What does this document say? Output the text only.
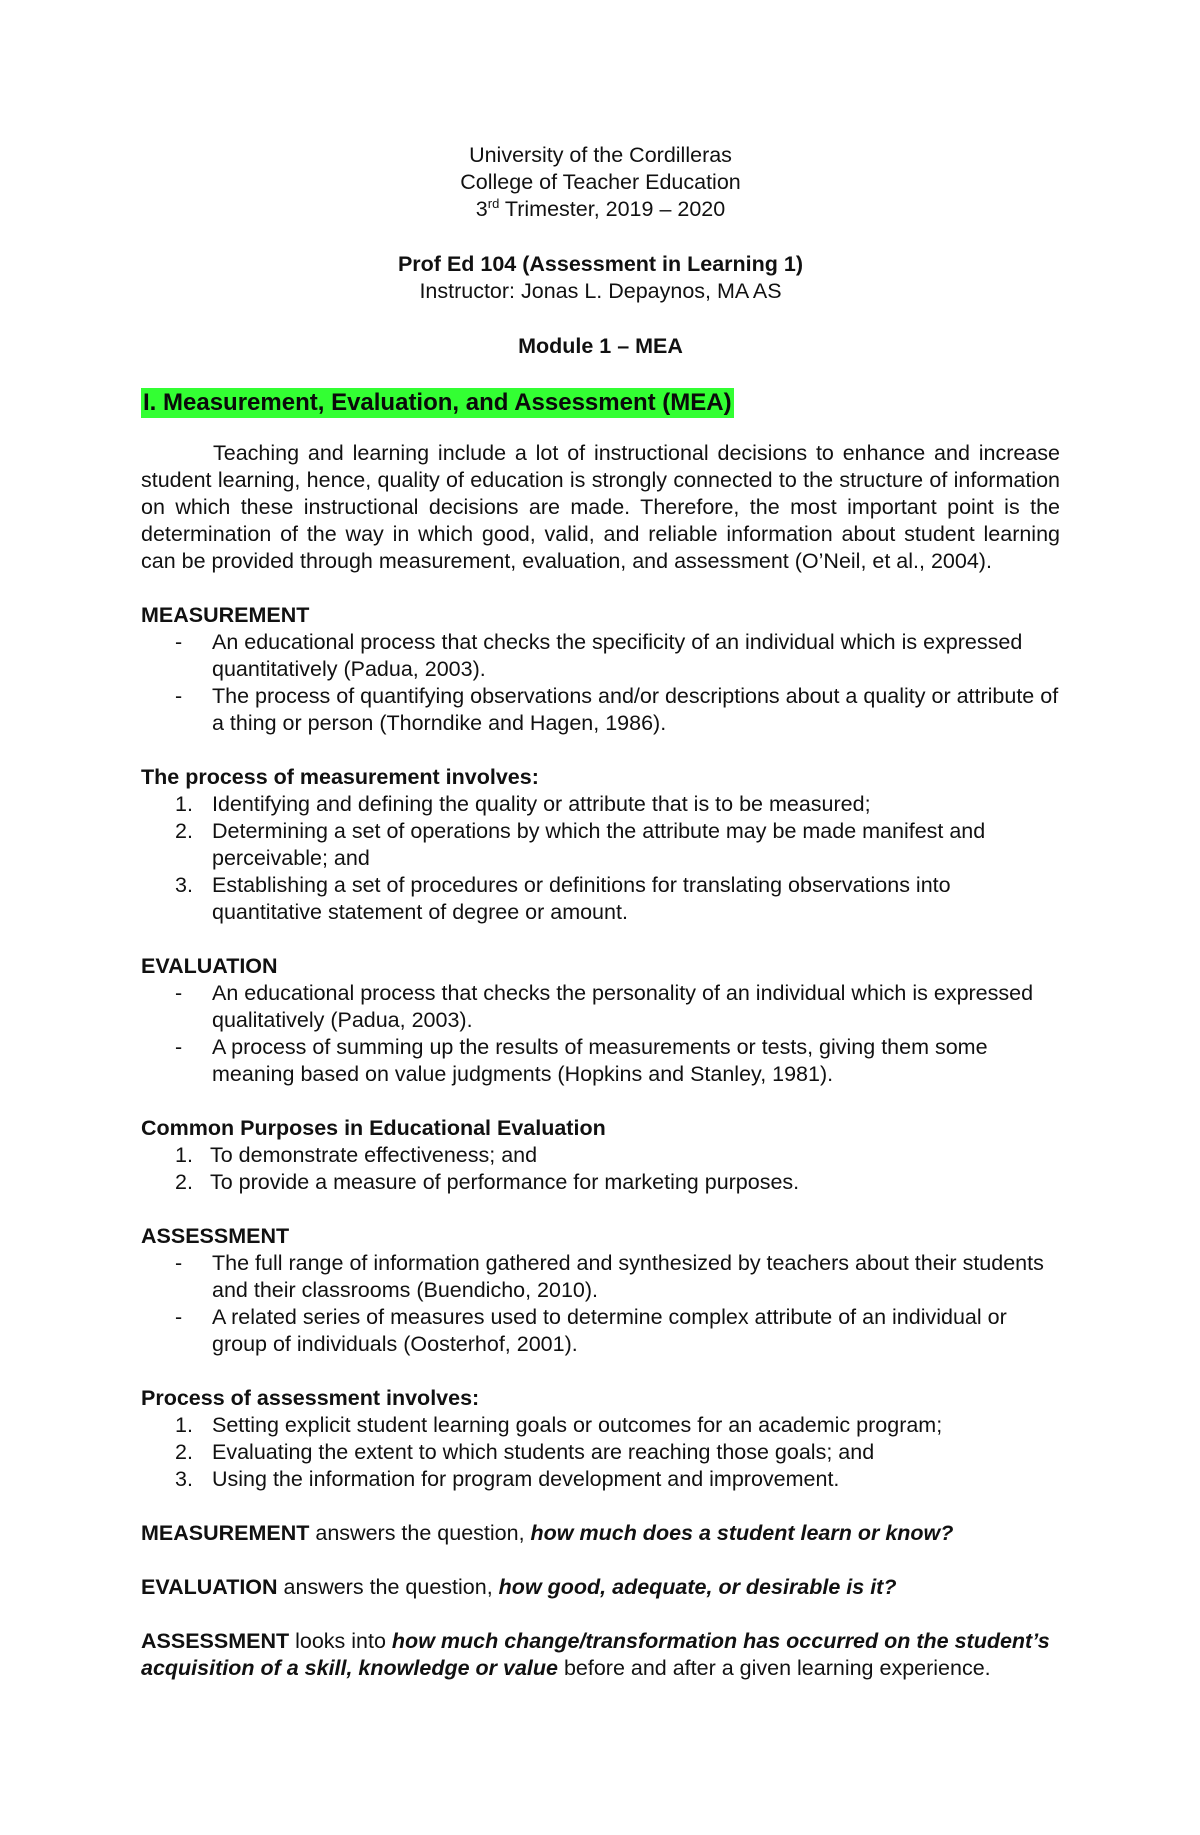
University of the Cordilleras

College of Teacher Education

3rd Trimester, 2019 – 2020

Prof Ed 104 (Assessment in Learning 1)

Instructor: Jonas L. Depaynos, MA AS

Module 1 – MEA

I. Measurement, Evaluation, and Assessment (MEA)

Teaching and learning include a lot of instructional decisions to enhance and increase student learning, hence, quality of education is strongly connected to the structure of information on which these instructional decisions are made. Therefore, the most important point is the determination of the way in which good, valid, and reliable information about student learning can be provided through measurement, evaluation, and assessment (O’Neil, et al., 2004).

MEASUREMENT
- An educational process that checks the specificity of an individual which is expressed quantitatively (Padua, 2003).
- The process of quantifying observations and/or descriptions about a quality or attribute of a thing or person (Thorndike and Hagen, 1986).
The process of measurement involves:
1. Identifying and defining the quality or attribute that is to be measured;
2. Determining a set of operations by which the attribute may be made manifest and perceivable; and
3. Establishing a set of procedures or definitions for translating observations into quantitative statement of degree or amount.
EVALUATION
- An educational process that checks the personality of an individual which is expressed qualitatively (Padua, 2003).
- A process of summing up the results of measurements or tests, giving them some meaning based on value judgments (Hopkins and Stanley, 1981).
Common Purposes in Educational Evaluation
1. To demonstrate effectiveness; and
2. To provide a measure of performance for marketing purposes.
ASSESSMENT
- The full range of information gathered and synthesized by teachers about their students and their classrooms (Buendicho, 2010).
- A related series of measures used to determine complex attribute of an individual or group of individuals (Oosterhof, 2001).
Process of assessment involves:
1. Setting explicit student learning goals or outcomes for an academic program;
2. Evaluating the extent to which students are reaching those goals; and
3. Using the information for program development and improvement.

MEASUREMENT answers the question, how much does a student learn or know?

EVALUATION answers the question, how good, adequate, or desirable is it?

ASSESSMENT looks into how much change/transformation has occurred on the student’s acquisition of a skill, knowledge or value before and after a given learning experience.
